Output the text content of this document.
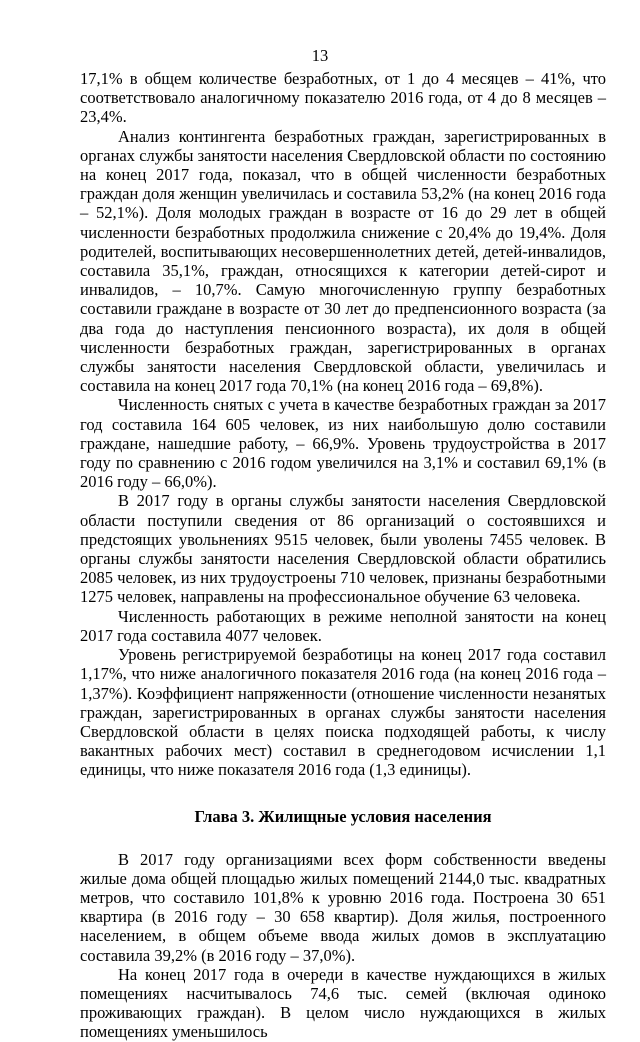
13

17,1% в общем количестве безработных, от 1 до 4 месяцев – 41%, что соответствовало аналогичному показателю 2016 года, от 4 до 8 месяцев – 23,4%.

Анализ контингента безработных граждан, зарегистрированных в органах службы занятости населения Свердловской области по состоянию на конец 2017 года, показал, что в общей численности безработных граждан доля женщин увеличилась и составила 53,2% (на конец 2016 года – 52,1%). Доля молодых граждан в возрасте от 16 до 29 лет в общей численности безработных продолжила снижение с 20,4% до 19,4%. Доля родителей, воспитывающих несовершеннолетних детей, детей-инвалидов, составила 35,1%, граждан, относящихся к категории детей-сирот и инвалидов, – 10,7%. Самую многочисленную группу безработных составили граждане в возрасте от 30 лет до предпенсионного возраста (за два года до наступления пенсионного возраста), их доля в общей численности безработных граждан, зарегистрированных в органах службы занятости населения Свердловской области, увеличилась и составила на конец 2017 года 70,1% (на конец 2016 года – 69,8%).

Численность снятых с учета в качестве безработных граждан за 2017 год составила 164 605 человек, из них наибольшую долю составили граждане, нашедшие работу, – 66,9%. Уровень трудоустройства в 2017 году по сравнению с 2016 годом увеличился на 3,1% и составил 69,1% (в 2016 году – 66,0%).

В 2017 году в органы службы занятости населения Свердловской области поступили сведения от 86 организаций о состоявшихся и предстоящих увольнениях 9515 человек, были уволены 7455 человек. В органы службы занятости населения Свердловской области обратились 2085 человек, из них трудоустроены 710 человек, признаны безработными 1275 человек, направлены на профессиональное обучение 63 человека.

Численность работающих в режиме неполной занятости на конец 2017 года составила 4077 человек.

Уровень регистрируемой безработицы на конец 2017 года составил 1,17%, что ниже аналогичного показателя 2016 года (на конец 2016 года – 1,37%). Коэффициент напряженности (отношение численности незанятых граждан, зарегистрированных в органах службы занятости населения Свердловской области в целях поиска подходящей работы, к числу вакантных рабочих мест) составил в среднегодовом исчислении 1,1 единицы, что ниже показателя 2016 года (1,3 единицы).

Глава 3. Жилищные условия населения

В 2017 году организациями всех форм собственности введены жилые дома общей площадью жилых помещений 2144,0 тыс. квадратных метров, что составило 101,8% к уровню 2016 года. Построена 30 651 квартира (в 2016 году – 30 658 квартир). Доля жилья, построенного населением, в общем объеме ввода жилых домов в эксплуатацию составила 39,2% (в 2016 году – 37,0%).

На конец 2017 года в очереди в качестве нуждающихся в жилых помещениях насчитывалось 74,6 тыс. семей (включая одиноко проживающих граждан). В целом число нуждающихся в жилых помещениях уменьшилось
